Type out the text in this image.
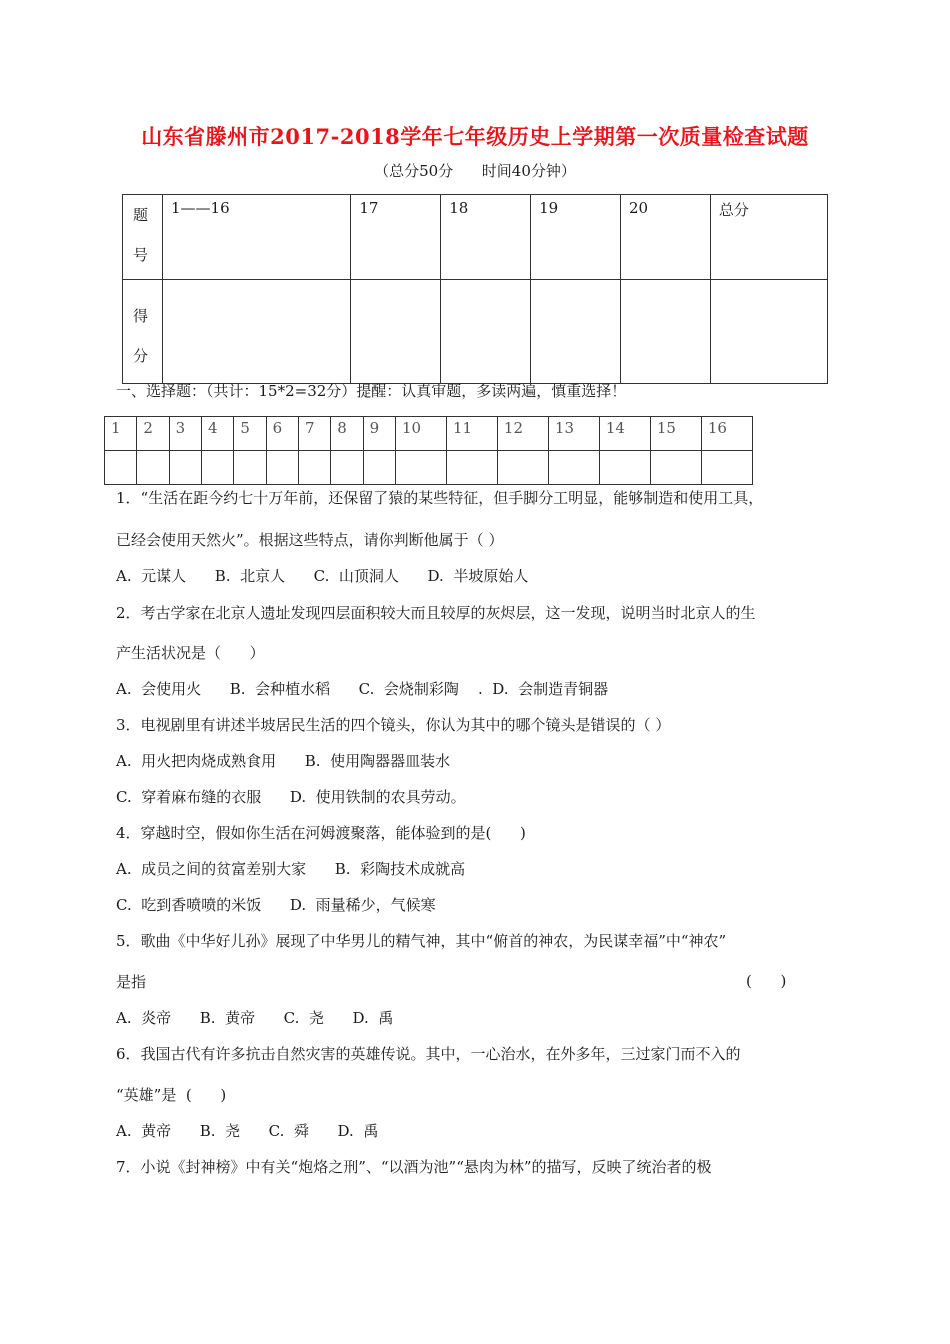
山东省滕州市2017-2018学年七年级历史上学期第一次质量检查试题
（总分50分      时间40分钟）
题
号	1——16	17	18	19	20	总分

得
分						

一、选择题：（共计：15*2=32分）提醒：认真审题，多读两遍，慎重选择！
1	2	3	4	5	6	7	8	9	10	11	12	13	14	15	16

1．“生活在距今约七十万年前，还保留了猿的某些特征，但手脚分工明显，能够制造和使用工具，
已经会使用天然火”。根据这些特点，请你判断他属于（ ）
A.  元谋人      B.  北京人      C.  山顶洞人      D.  半坡原始人
2．考古学家在北京人遗址发现四层面积较大而且较厚的灰烬层，这一发现，说明当时北京人的生
产生活状况是（      ）
A.  会使用火      B.  会种植水稻      C.  会烧制彩陶    .  D.  会制造青铜器
3．电视剧里有讲述半坡居民生活的四个镜头，你认为其中的哪个镜头是错误的（ ）
A.  用火把肉烧成熟食用      B.  使用陶器器皿装水
C.  穿着麻布缝的衣服      D.  使用铁制的农具劳动。
4．穿越时空，假如你生活在河姆渡聚落，能体验到的是(      )
A.  成员之间的贫富差别大家      B.  彩陶技术成就高
C.  吃到香喷喷的米饭      D.  雨量稀少，气候寒
5．歌曲《中华好儿孙》展现了中华男儿的精气神，其中“俯首的神农，为民谋幸福”中“神农”
是指	(      )
A.  炎帝      B.  黄帝      C.  尧      D.  禹
6．我国古代有许多抗击自然灾害的英雄传说。其中，一心治水，在外多年，三过家门而不入的
“英雄”是  (      )
A.  黄帝      B.  尧      C.  舜      D.  禹
7．小说《封神榜》中有关“炮烙之刑”、“以酒为池”“悬肉为林”的描写，反映了统治者的极
